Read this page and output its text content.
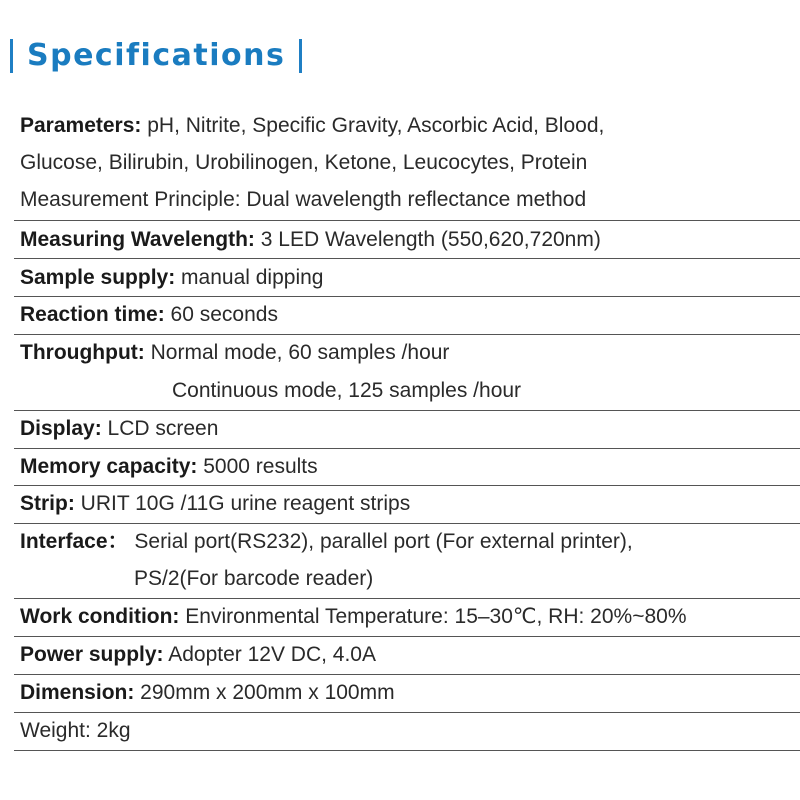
Specifications
Parameters: pH, Nitrite, Specific Gravity, Ascorbic Acid, Blood,
Glucose, Bilirubin, Urobilinogen, Ketone, Leucocytes, Protein
Measurement Principle: Dual wavelength reflectance method
Measuring Wavelength: 3 LED Wavelength (550,620,720nm)
Sample supply: manual dipping
Reaction time: 60 seconds
Throughput: Normal mode, 60 samples /hour
Continuous mode, 125 samples /hour
Display: LCD screen
Memory capacity: 5000 results
Strip: URIT 10G /11G urine reagent strips
Interface： Serial port(RS232), parallel port (For external printer),
PS/2(For barcode reader)
Work condition: Environmental Temperature: 15–30℃, RH: 20%~80%
Power supply: Adopter 12V DC, 4.0A
Dimension: 290mm x 200mm x 100mm
Weight: 2kg
